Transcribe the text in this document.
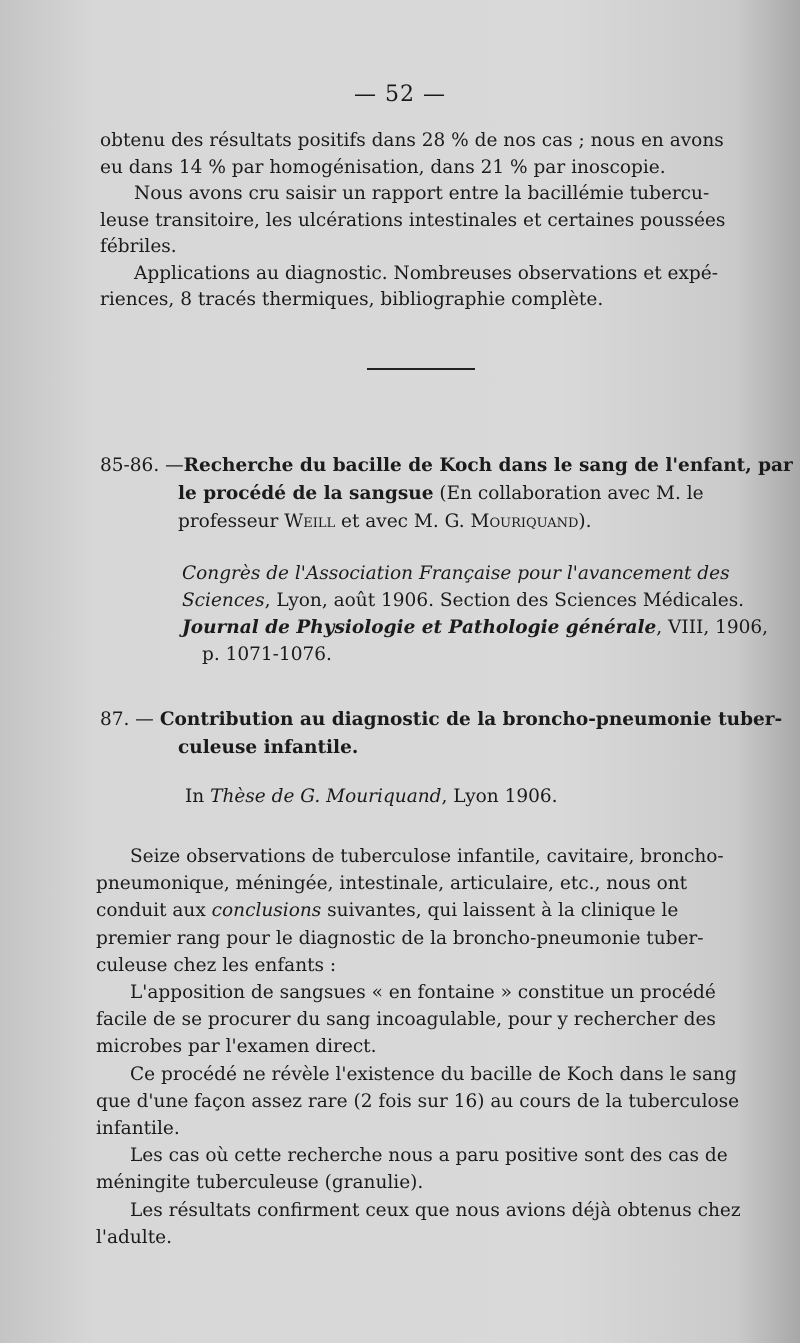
— 52 —
obtenu des résultats positifs dans 28 % de nos cas ; nous en avons
eu dans 14 % par homogénisation, dans 21 % par inoscopie.
Nous avons cru saisir un rapport entre la bacillémie tubercu-
leuse transitoire, les ulcérations intestinales et certaines poussées
fébriles.
Applications au diagnostic. Nombreuses observations et expé-
riences, 8 tracés thermiques, bibliographie complète.
85-86. —Recherche du bacille de Koch dans le sang de l'enfant, par
le procédé de la sangsue (En collaboration avec M. le
professeur Weill et avec M. G. Mouriquand).
Congrès de l'Association Française pour l'avancement des
Sciences, Lyon, août 1906. Section des Sciences Médicales.
Journal de Physiologie et Pathologie générale, VIII, 1906,
p. 1071-1076.
87. — Contribution au diagnostic de la broncho-pneumonie tuber-
culeuse infantile.
In Thèse de G. Mouriquand, Lyon 1906.
Seize observations de tuberculose infantile, cavitaire, broncho-
pneumonique, méningée, intestinale, articulaire, etc., nous ont
conduit aux conclusions suivantes, qui laissent à la clinique le
premier rang pour le diagnostic de la broncho-pneumonie tuber-
culeuse chez les enfants :
L'apposition de sangsues « en fontaine » constitue un procédé
facile de se procurer du sang incoagulable, pour y rechercher des
microbes par l'examen direct.
Ce procédé ne révèle l'existence du bacille de Koch dans le sang
que d'une façon assez rare (2 fois sur 16) au cours de la tuberculose
infantile.
Les cas où cette recherche nous a paru positive sont des cas de
méningite tuberculeuse (granulie).
Les résultats confirment ceux que nous avions déjà obtenus chez
l'adulte.
